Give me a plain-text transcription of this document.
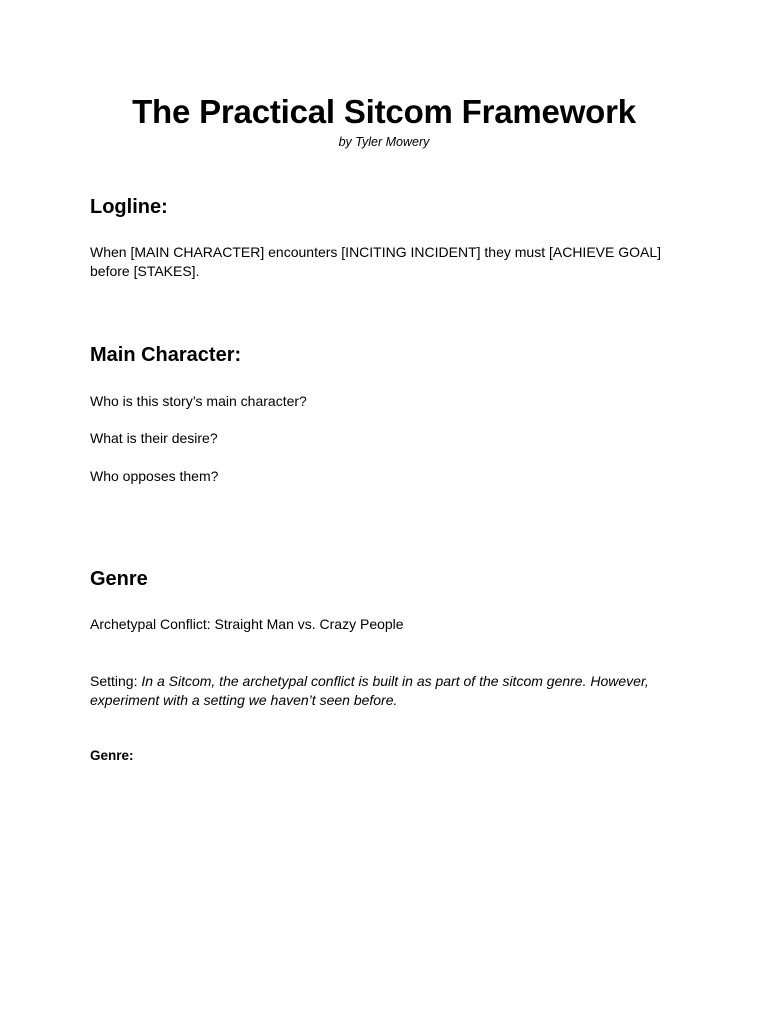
The Practical Sitcom Framework
by Tyler Mowery
Logline:
When [MAIN CHARACTER] encounters [INCITING INCIDENT] they must [ACHIEVE GOAL] before [STAKES].
Main Character:
Who is this story’s main character?
What is their desire?
Who opposes them?
Genre
Archetypal Conflict: Straight Man vs. Crazy People
Setting: In a Sitcom, the archetypal conflict is built in as part of the sitcom genre. However, experiment with a setting we haven’t seen before.
Genre:
